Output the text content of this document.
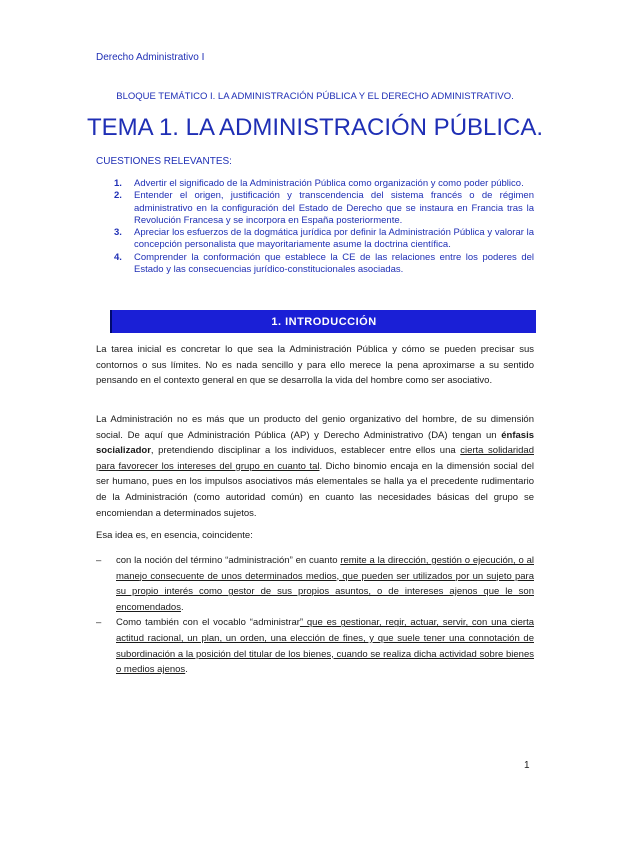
Derecho Administrativo I
BLOQUE TEMÁTICO I. LA ADMINISTRACIÓN PÚBLICA Y EL DERECHO ADMINISTRATIVO.
TEMA 1. LA ADMINISTRACIÓN PÚBLICA.
CUESTIONES RELEVANTES:
1. Advertir el significado de la Administración Pública como organización y como poder público.
2. Entender el origen, justificación y transcendencia del sistema francés o de régimen administrativo en la configuración del Estado de Derecho que se instaura en Francia tras la Revolución Francesa y se incorpora en España posteriormente.
3. Apreciar los esfuerzos de la dogmática jurídica por definir la Administración Pública y valorar la concepción personalista que mayoritariamente asume la doctrina científica.
4. Comprender la conformación que establece la CE de las relaciones entre los poderes del Estado y las consecuencias jurídico-constitucionales asociadas.
1. INTRODUCCIÓN

La tarea inicial es concretar lo que sea la Administración Pública y cómo se pueden precisar sus contornos o sus límites. No es nada sencillo y para ello merece la pena aproximarse a su sentido pensando en el contexto general en que se desarrolla la vida del hombre como ser asociativo.

La Administración no es más que un producto del genio organizativo del hombre, de su dimensión social. De aquí que Administración Pública (AP) y Derecho Administrativo (DA) tengan un énfasis socializador, pretendiendo disciplinar a los individuos, establecer entre ellos una cierta solidaridad para favorecer los intereses del grupo en cuanto tal. Dicho binomio encaja en la dimensión social del ser humano, pues en los impulsos asociativos más elementales se halla ya el precedente rudimentario de la Administración (como autoridad común) en cuanto las necesidades básicas del grupo se encomiendan a determinados sujetos.

Esa idea es, en esencia, coincidente:

– con la noción del término “administración” en cuanto remite a la dirección, gestión o ejecución, o al manejo consecuente de unos determinados medios, que pueden ser utilizados por un sujeto para su propio interés como gestor de sus propios asuntos, o de intereses ajenos que le son encomendados.
– Como también con el vocablo “administrar” que es gestionar, regir, actuar, servir, con una cierta actitud racional, un plan, un orden, una elección de fines, y que suele tener una connotación de subordinación a la posición del titular de los bienes, cuando se realiza dicha actividad sobre bienes o medios ajenos.
1
